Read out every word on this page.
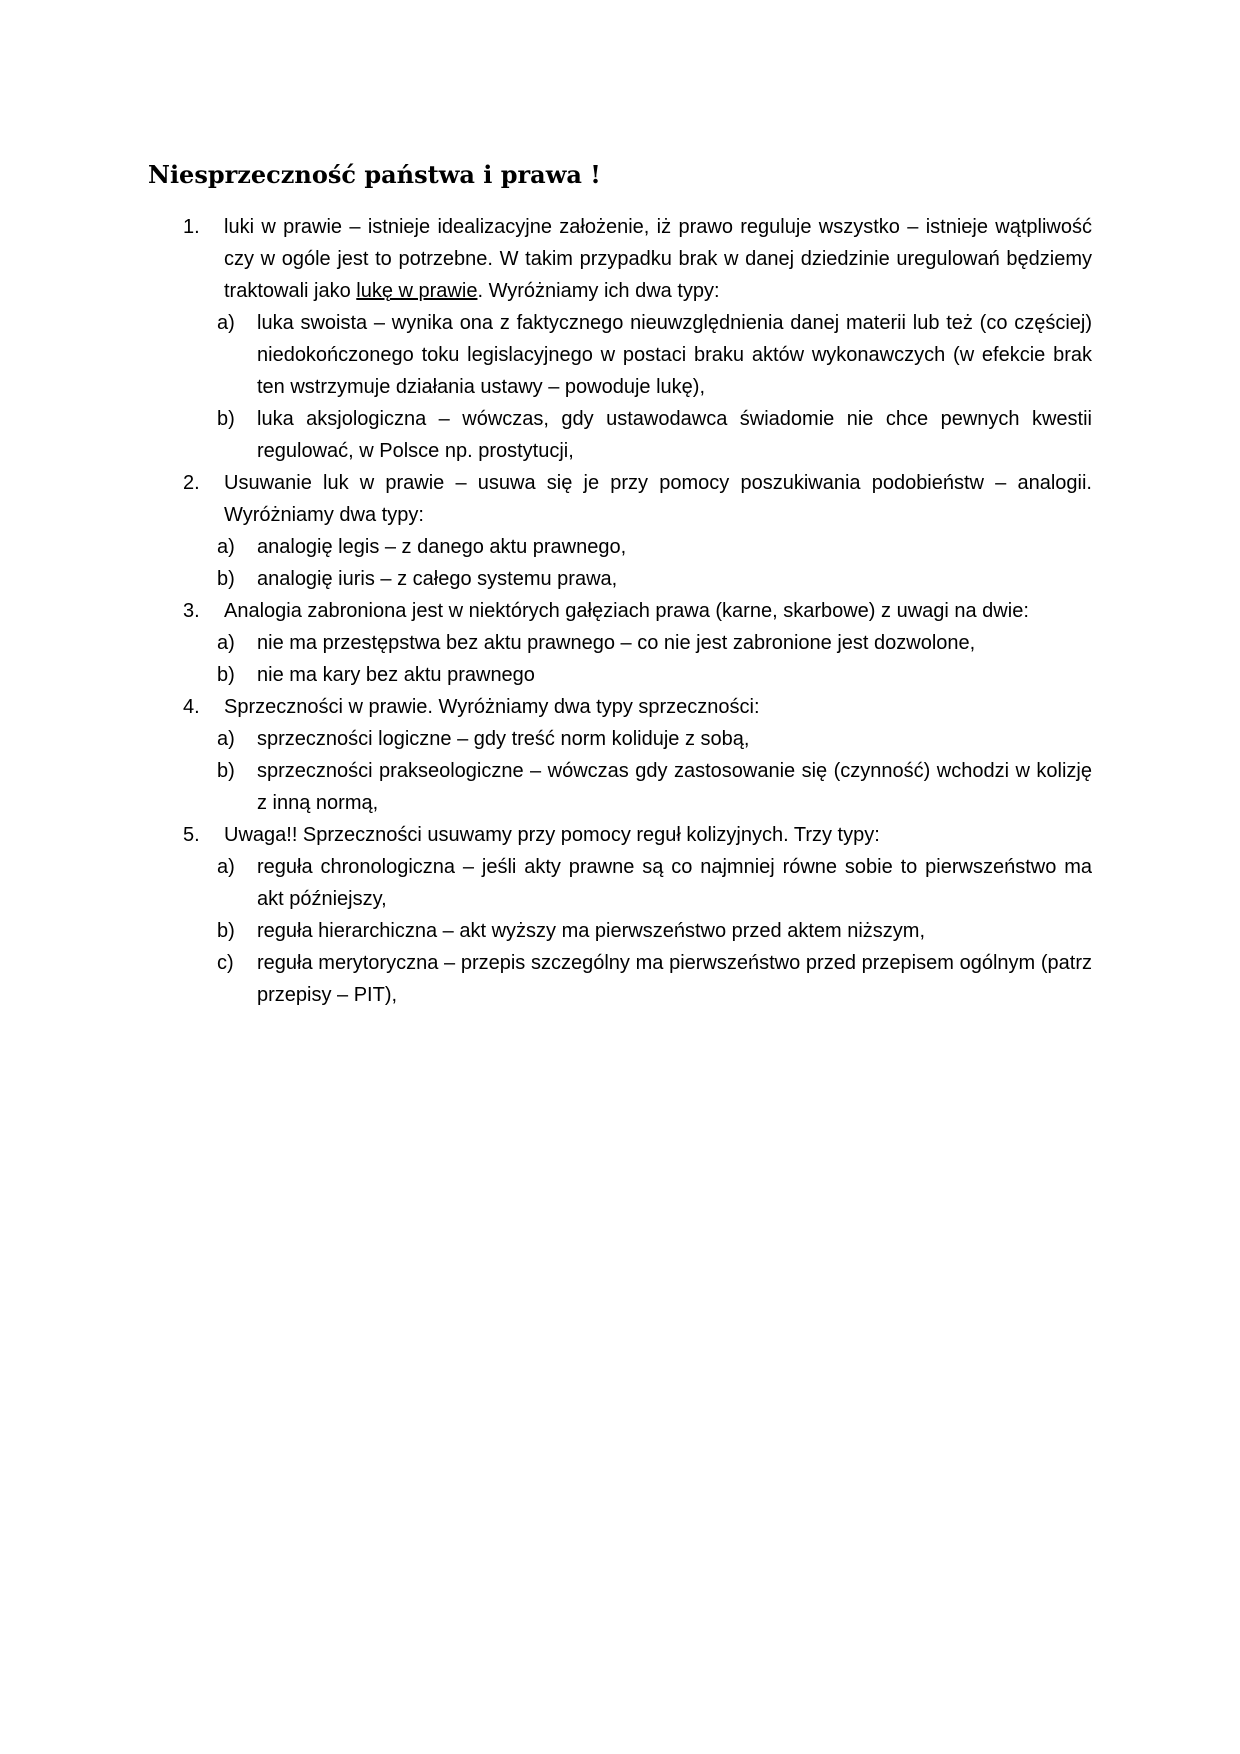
Niesprzeczność państwa i prawa !
1. luki w prawie – istnieje idealizacyjne założenie, iż prawo reguluje wszystko – istnieje wątpliwość czy w ogóle jest to potrzebne. W takim przypadku brak w danej dziedzinie uregulowań będziemy traktowali jako lukę w prawie. Wyróżniamy ich dwa typy:
a) luka swoista – wynika ona z faktycznego nieuwzględnienia danej materii lub też (co częściej) niedokończonego toku legislacyjnego w postaci braku aktów wykonawczych (w efekcie brak ten wstrzymuje działania ustawy – powoduje lukę),
b) luka aksjologiczna – wówczas, gdy ustawodawca świadomie nie chce pewnych kwestii regulować, w Polsce np. prostytucji,
2. Usuwanie luk w prawie – usuwa się je przy pomocy poszukiwania podobieństw – analogii. Wyróżniamy dwa typy:
a) analogię legis – z danego aktu prawnego,
b) analogię iuris – z całego systemu prawa,
3. Analogia zabroniona jest w niektórych gałęziach prawa (karne, skarbowe) z uwagi na dwie:
a) nie ma przestępstwa bez aktu prawnego – co nie jest zabronione jest dozwolone,
b) nie ma kary bez aktu prawnego
4. Sprzeczności w prawie. Wyróżniamy dwa typy sprzeczności:
a) sprzeczności logiczne – gdy treść norm koliduje z sobą,
b) sprzeczności prakseologiczne – wówczas gdy zastosowanie się (czynność) wchodzi w kolizję z inną normą,
5. Uwaga!! Sprzeczności usuwamy przy pomocy reguł kolizyjnych. Trzy typy:
a) reguła chronologiczna – jeśli akty prawne są co najmniej równe sobie to pierwszeństwo ma akt późniejszy,
b) reguła hierarchiczna – akt wyższy ma pierwszeństwo przed aktem niższym,
c) reguła merytoryczna – przepis szczególny ma pierwszeństwo przed przepisem ogólnym (patrz przepisy – PIT),
